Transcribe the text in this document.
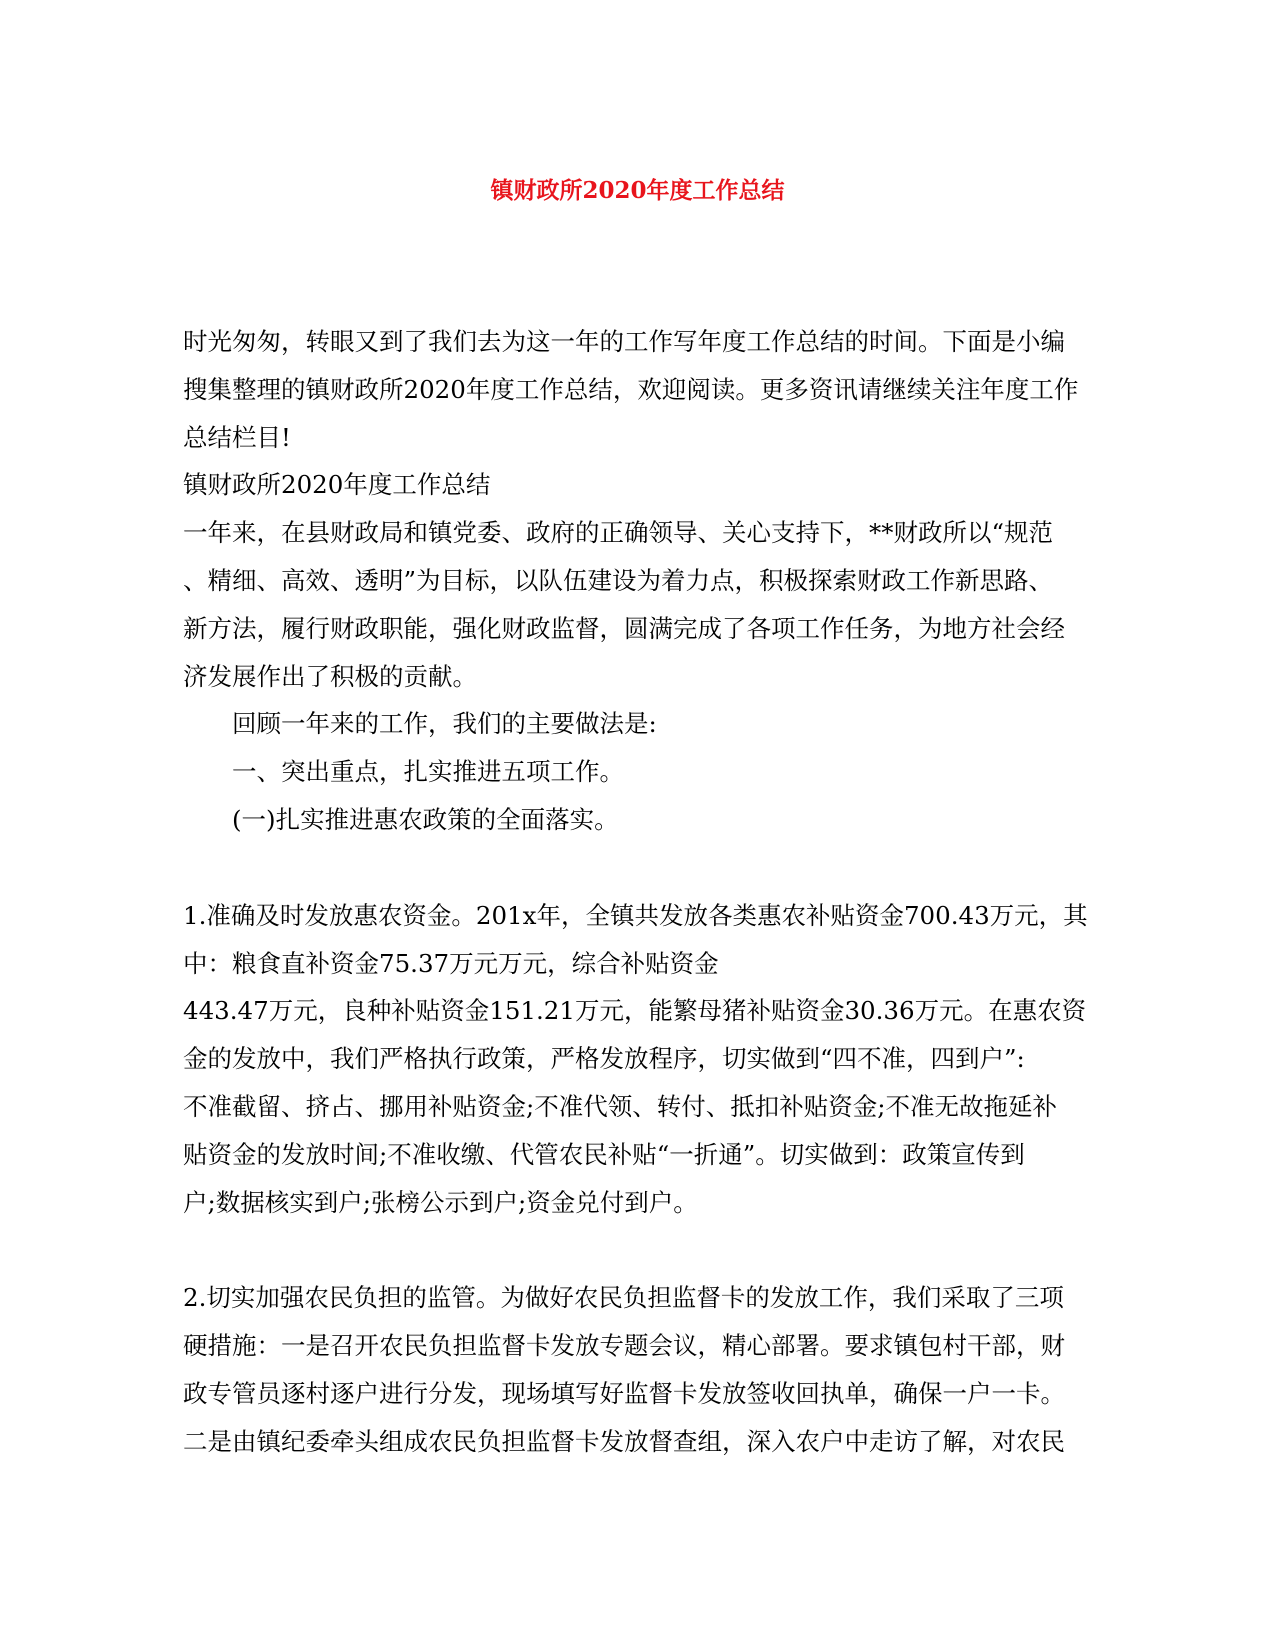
镇财政所2020年度工作总结
时光匆匆，转眼又到了我们去为这一年的工作写年度工作总结的时间。下面是小编
搜集整理的镇财政所2020年度工作总结，欢迎阅读。更多资讯请继续关注年度工作
总结栏目!
镇财政所2020年度工作总结
一年来，在县财政局和镇党委、政府的正确领导、关心支持下，**财政所以“规范
、精细、高效、透明”为目标，以队伍建设为着力点，积极探索财政工作新思路、
新方法，履行财政职能，强化财政监督，圆满完成了各项工作任务，为地方社会经
济发展作出了积极的贡献。
回顾一年来的工作，我们的主要做法是:
一、突出重点，扎实推进五项工作。
(一)扎实推进惠农政策的全面落实。
1.准确及时发放惠农资金。201x年，全镇共发放各类惠农补贴资金700.43万元，其
中：粮食直补资金75.37万元万元，综合补贴资金
443.47万元，良种补贴资金151.21万元，能繁母猪补贴资金30.36万元。在惠农资
金的发放中，我们严格执行政策，严格发放程序，切实做到“四不准，四到户”:
不准截留、挤占、挪用补贴资金;不准代领、转付、抵扣补贴资金;不准无故拖延补
贴资金的发放时间;不准收缴、代管农民补贴“一折通”。切实做到：政策宣传到
户;数据核实到户;张榜公示到户;资金兑付到户。
2.切实加强农民负担的监管。为做好农民负担监督卡的发放工作，我们采取了三项
硬措施：一是召开农民负担监督卡发放专题会议，精心部署。要求镇包村干部，财
政专管员逐村逐户进行分发，现场填写好监督卡发放签收回执单，确保一户一卡。
二是由镇纪委牵头组成农民负担监督卡发放督查组，深入农户中走访了解，对农民
